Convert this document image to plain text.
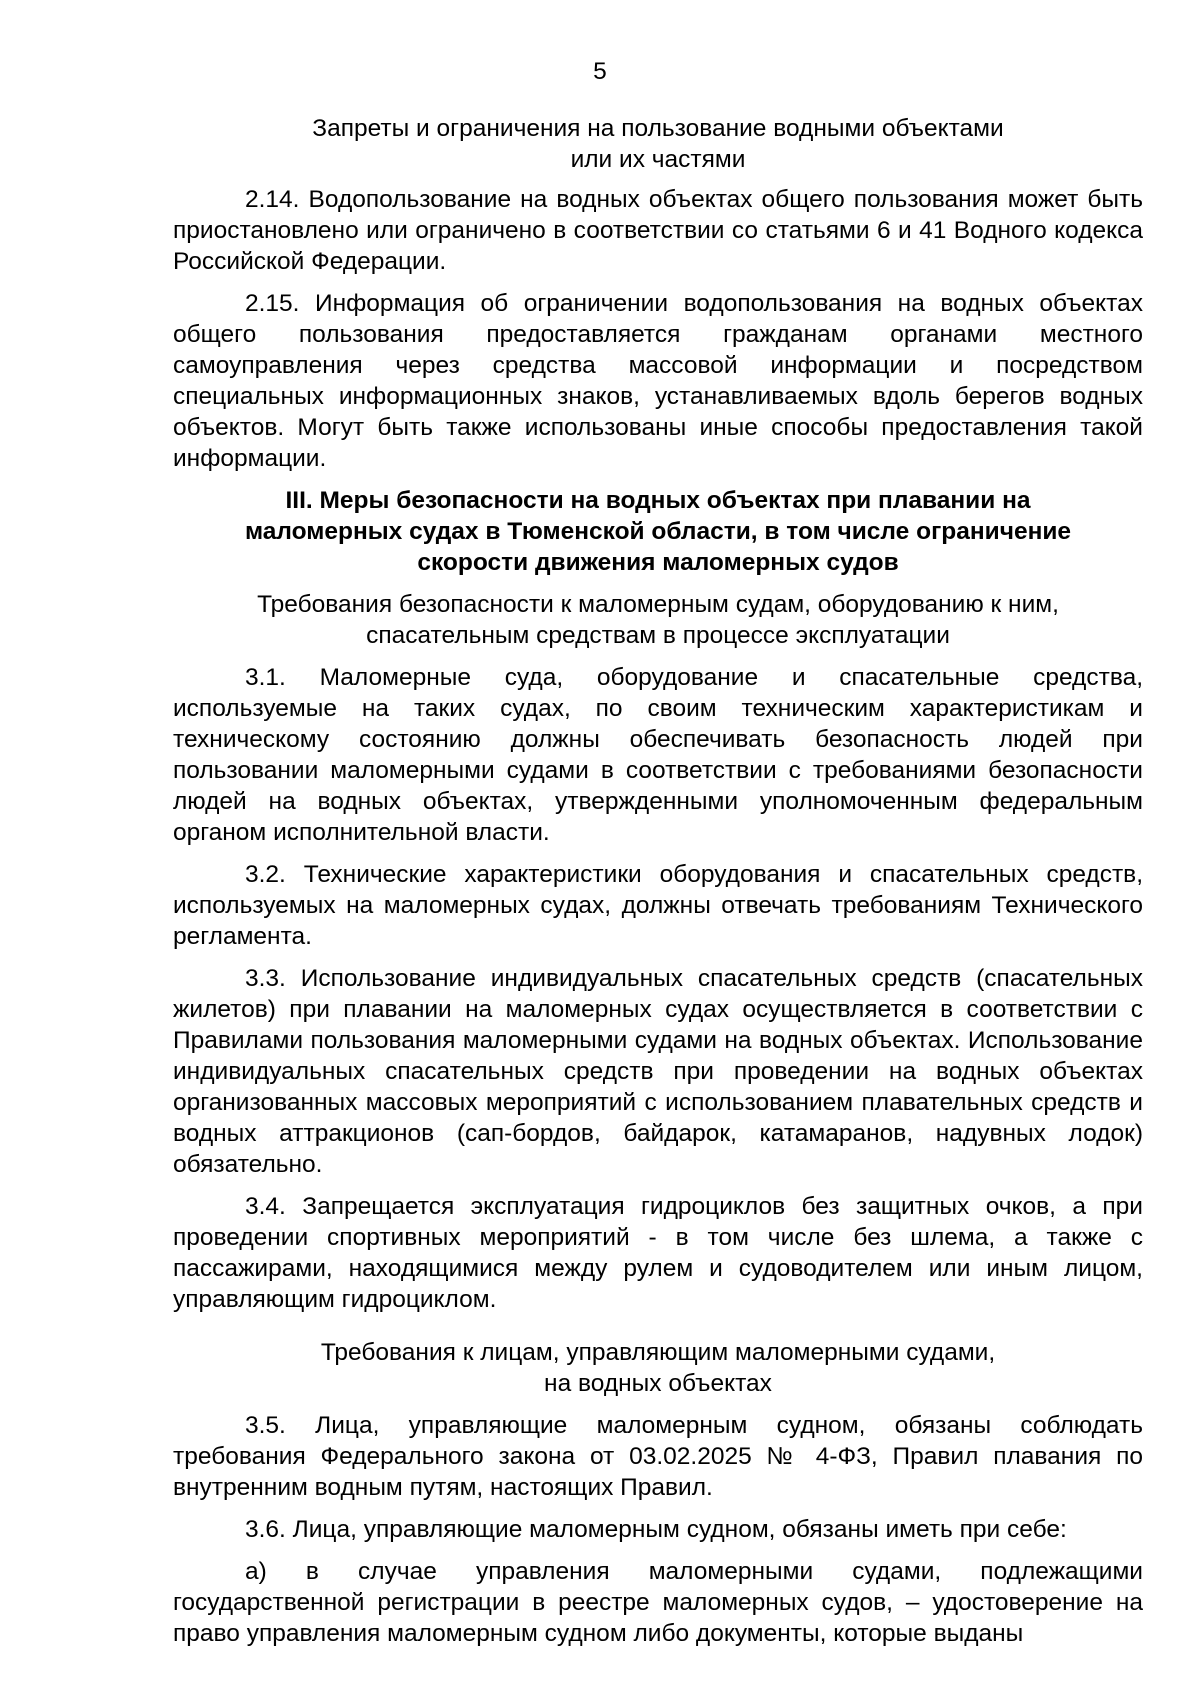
5

Запреты и ограничения на пользование водными объектами
или их частями

2.14. Водопользование на водных объектах общего пользования может быть приостановлено или ограничено в соответствии со статьями 6 и 41 Водного кодекса Российской Федерации.

2.15. Информация об ограничении водопользования на водных объектах общего пользования предоставляется гражданам органами местного самоуправления через средства массовой информации и посредством специальных информационных знаков, устанавливаемых вдоль берегов водных объектов. Могут быть также использованы иные способы предоставления такой информации.

III. Меры безопасности на водных объектах при плавании на
маломерных судах в Тюменской области, в том числе ограничение
скорости движения маломерных судов

Требования безопасности к маломерным судам, оборудованию к ним,
спасательным средствам в процессе эксплуатации

3.1. Маломерные суда, оборудование и спасательные средства, используемые на таких судах, по своим техническим характеристикам и техническому состоянию должны обеспечивать безопасность людей при пользовании маломерными судами в соответствии с требованиями безопасности людей на водных объектах, утвержденными уполномоченным федеральным органом исполнительной власти.

3.2. Технические характеристики оборудования и спасательных средств, используемых на маломерных судах, должны отвечать требованиям Технического регламента.

3.3. Использование индивидуальных спасательных средств (спасательных жилетов) при плавании на маломерных судах осуществляется в соответствии с Правилами пользования маломерными судами на водных объектах. Использование индивидуальных спасательных средств при проведении на водных объектах организованных массовых мероприятий с использованием плавательных средств и водных аттракционов (сап-бордов, байдарок, катамаранов, надувных лодок) обязательно.

3.4. Запрещается эксплуатация гидроциклов без защитных очков, а при проведении спортивных мероприятий - в том числе без шлема, а также с пассажирами, находящимися между рулем и судоводителем или иным лицом, управляющим гидроциклом.

Требования к лицам, управляющим маломерными судами,
на водных объектах

3.5. Лица, управляющие маломерным судном, обязаны соблюдать требования Федерального закона от 03.02.2025 № 4-ФЗ, Правил плавания по внутренним водным путям, настоящих Правил.

3.6. Лица, управляющие маломерным судном, обязаны иметь при себе:

а) в случае управления маломерными судами, подлежащими государственной регистрации в реестре маломерных судов, – удостоверение на право управления маломерным судном либо документы, которые выданы
